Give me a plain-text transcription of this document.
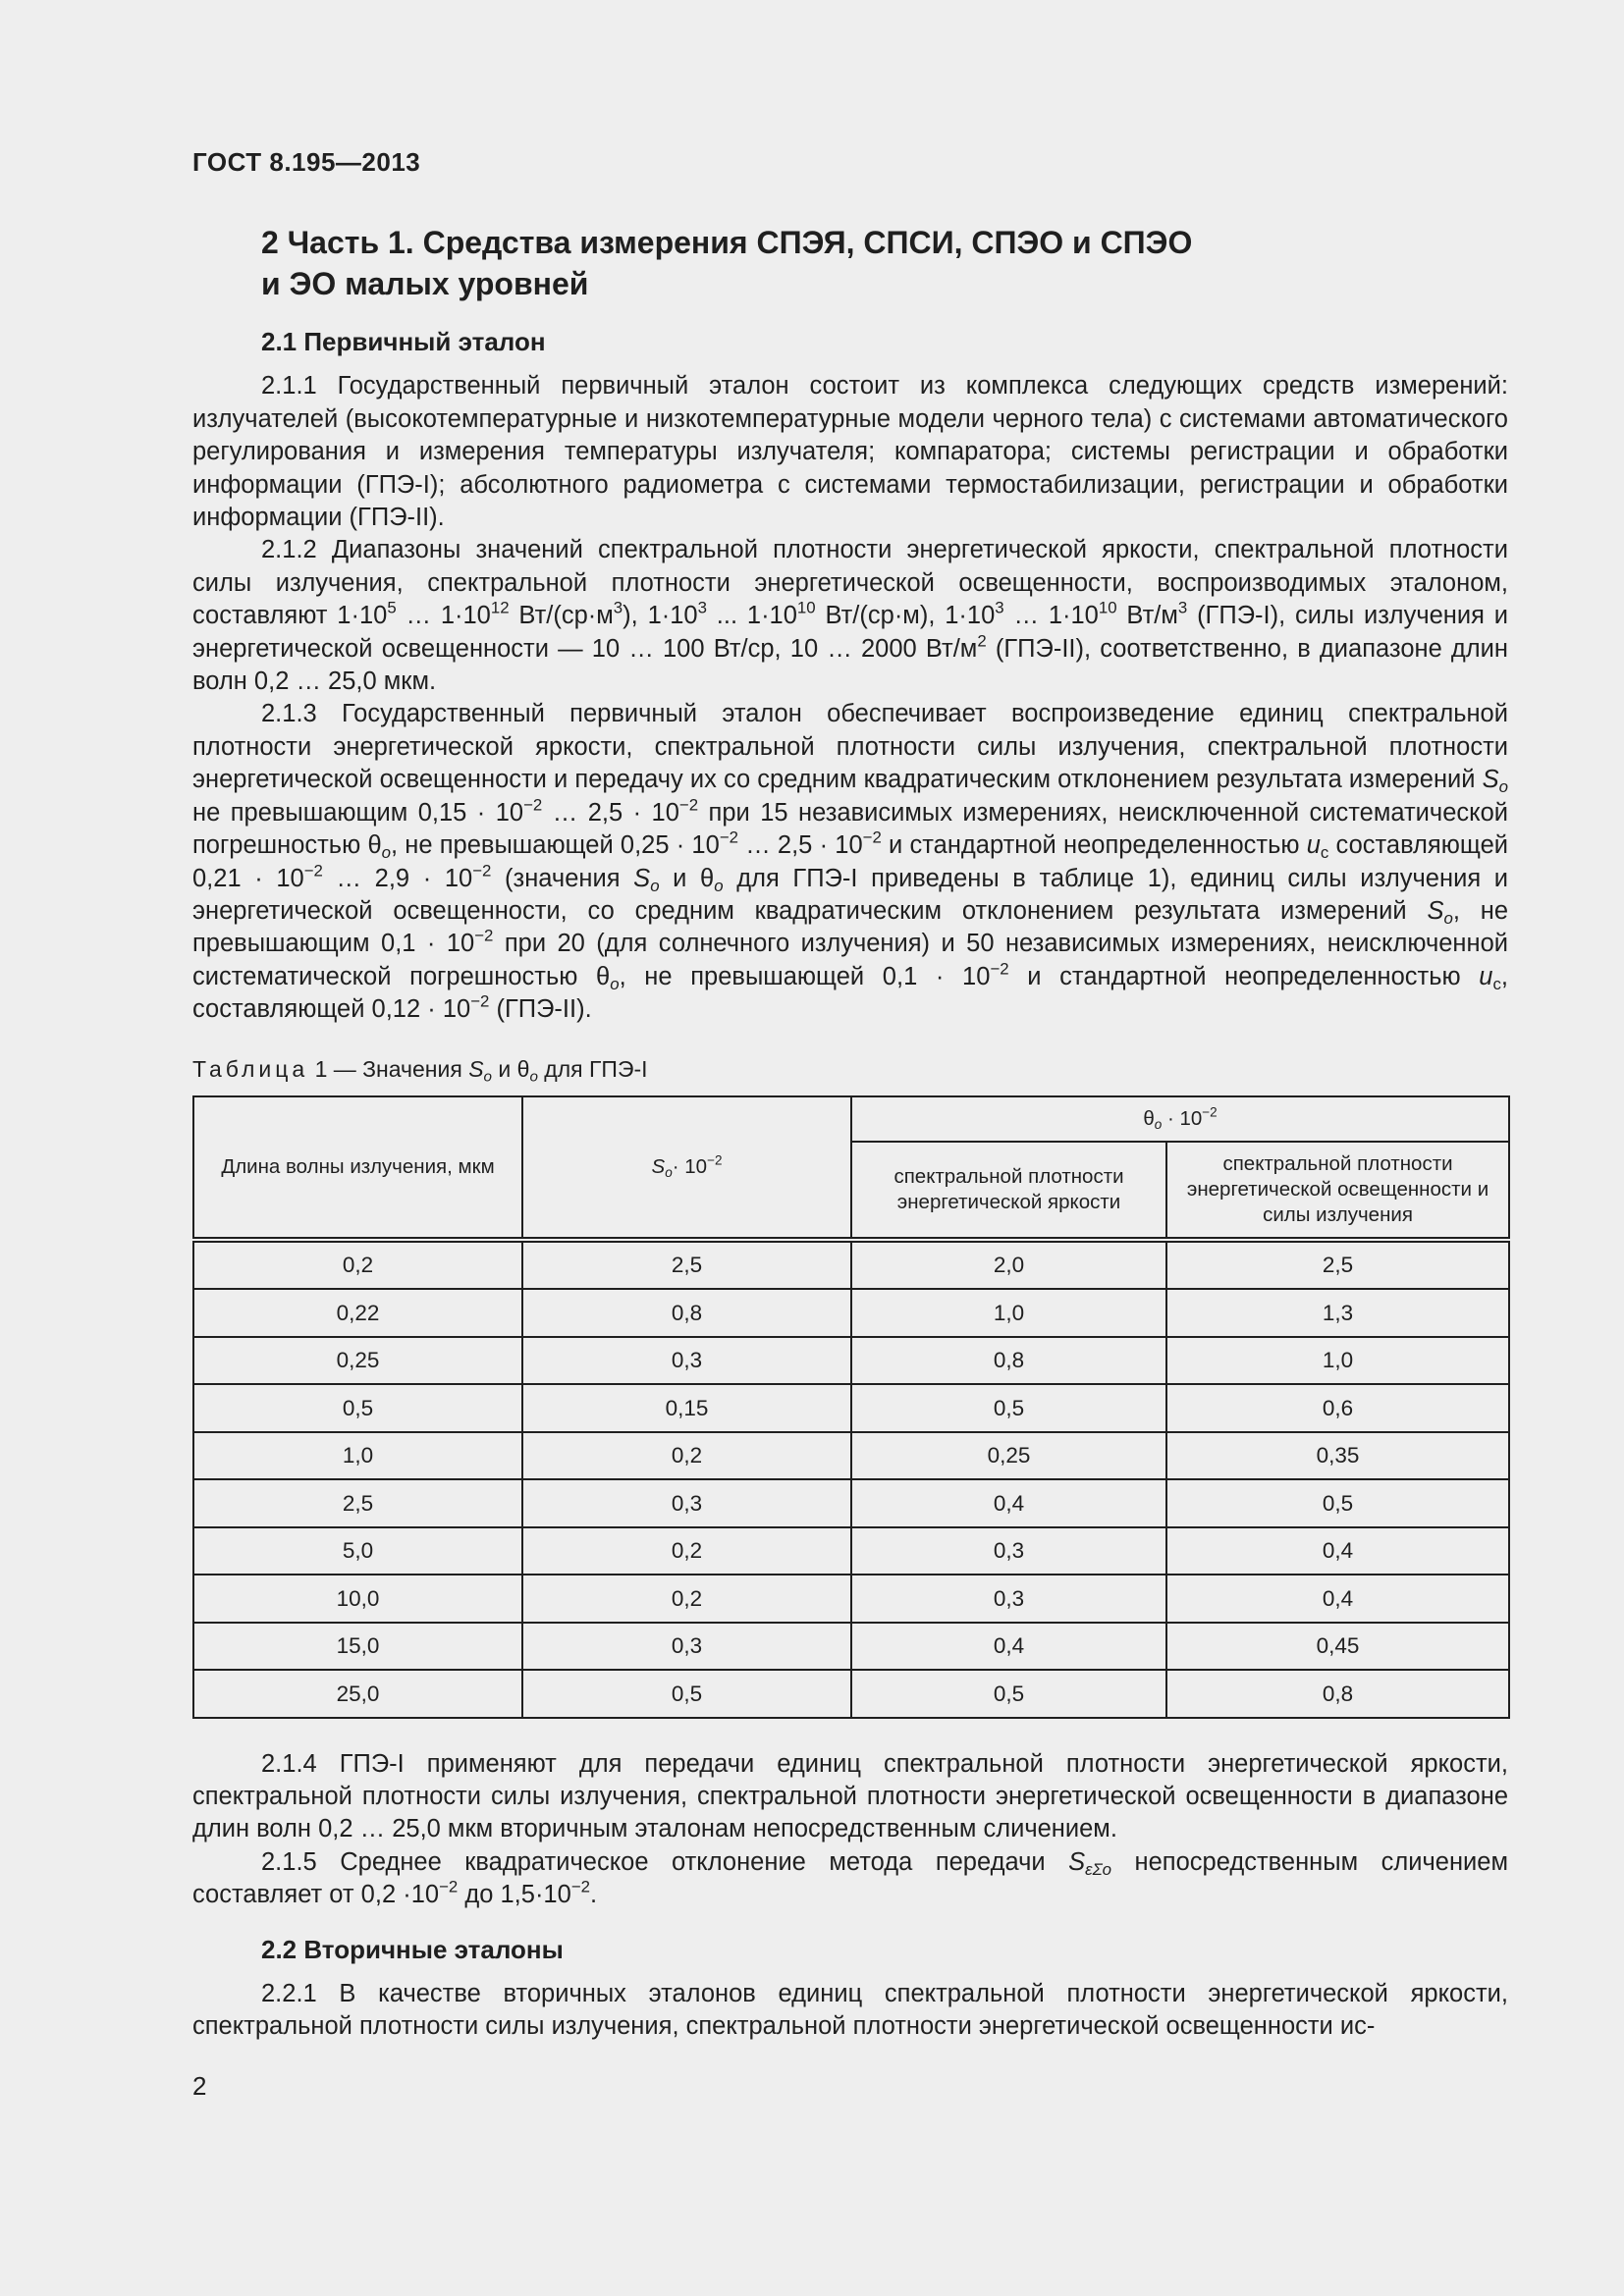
ГОСТ 8.195—2013
2 Часть 1. Средства измерения СПЭЯ, СПСИ, СПЭО и СПЭО
и ЭО малых уровней
2.1 Первичный эталон

2.1.1 Государственный первичный эталон состоит из комплекса следующих средств измерений: излучателей (высокотемпературные и низкотемпературные модели черного тела) с системами автоматического регулирования и измерения температуры излучателя; компаратора; системы регистрации и обработки информации (ГПЭ-I); абсолютного радиометра с системами термостабилизации, регистрации и обработки информации (ГПЭ-II).

2.1.2 Диапазоны значений спектральной плотности энергетической яркости, спектральной плотности силы излучения, спектральной плотности энергетической освещенности, воспроизводимых эталоном, составляют $1\cdot 10^5$ … $1\cdot 10^{12}$ $Вт/(ср\cdot м^3)$, $1\cdot 10^3$ ... $1\cdot 10^{10}$ Вт/(ср·м), $1\cdot 10^3$ … $1\cdot 10^{10}$ $Вт/м^3$ (ГПЭ-I), силы излучения и энергетической освещенности — 10 … 100 Вт/ср, 10 … 2000 $Вт/м^2$ (ГПЭ-II), соответственно, в диапазоне длин волн 0,2 … 25,0 мкм.

2.1.3 Государственный первичный эталон обеспечивает воспроизведение единиц спектральной плотности энергетической яркости, спектральной плотности силы излучения, спектральной плотности энергетической освещенности и передачу их со средним квадратическим отклонением результата измерений $S_o$ не превышающим $0,15 \cdot 10^{-2}$ … $2,5 \cdot 10^{-2}$ при 15 независимых измерениях, неисключенной систематической погрешностью $\theta_o$, не превышающей $0,25 \cdot 10^{-2}$ … $2,5 \cdot 10^{-2}$ и стандартной неопределенностью $u_c$ составляющей $0,21 \cdot 10^{-2}$ … $2,9 \cdot 10^{-2}$ (значения $S_o$ и $\theta_o$ для ГПЭ-I приведены в таблице 1), единиц силы излучения и энергетической освещенности, со средним квадратическим отклонением результата измерений $S_o$, не превышающим $0,1 \cdot 10^{-2}$ при 20 (для солнечного излучения) и 50 независимых измерениях, неисключенной систематической погрешностью $\theta_o$, не превышающей $0,1 \cdot 10^{-2}$ и стандартной неопределенностью $u_c$, составляющей $0,12 \cdot 10^{-2}$ (ГПЭ-II).

Таблица 1 — Значения $S_o$ и $\theta_o$ для ГПЭ-I
Длина волны излучения, мкм	$S_o\cdot 10^{-2}$	$\theta_o \cdot 10^{-2}$
		спектральной плотности энергетической яркости	спектральной плотности энергетической освещенности и силы излучения
0,2	2,5	2,0	2,5
0,22	0,8	1,0	1,3
0,25	0,3	0,8	1,0
0,5	0,15	0,5	0,6
1,0	0,2	0,25	0,35
2,5	0,3	0,4	0,5
5,0	0,2	0,3	0,4
10,0	0,2	0,3	0,4
15,0	0,3	0,4	0,45
25,0	0,5	0,5	0,8

2.1.4 ГПЭ-I применяют для передачи единиц спектральной плотности энергетической яркости, спектральной плотности силы излучения, спектральной плотности энергетической освещенности в диапазоне длин волн 0,2 … 25,0 мкм вторичным эталонам непосредственным сличением.

2.1.5 Среднее квадратическое отклонение метода передачи $S_{\varepsilon\Sigma o}$ непосредственным сличением составляет от $0,2 \cdot 10^{-2}$ до $1,5\cdot 10^{-2}$.

2.2 Вторичные эталоны

2.2.1 В качестве вторичных эталонов единиц спектральной плотности энергетической яркости, спектральной плотности силы излучения, спектральной плотности энергетической освещенности ис-

2
